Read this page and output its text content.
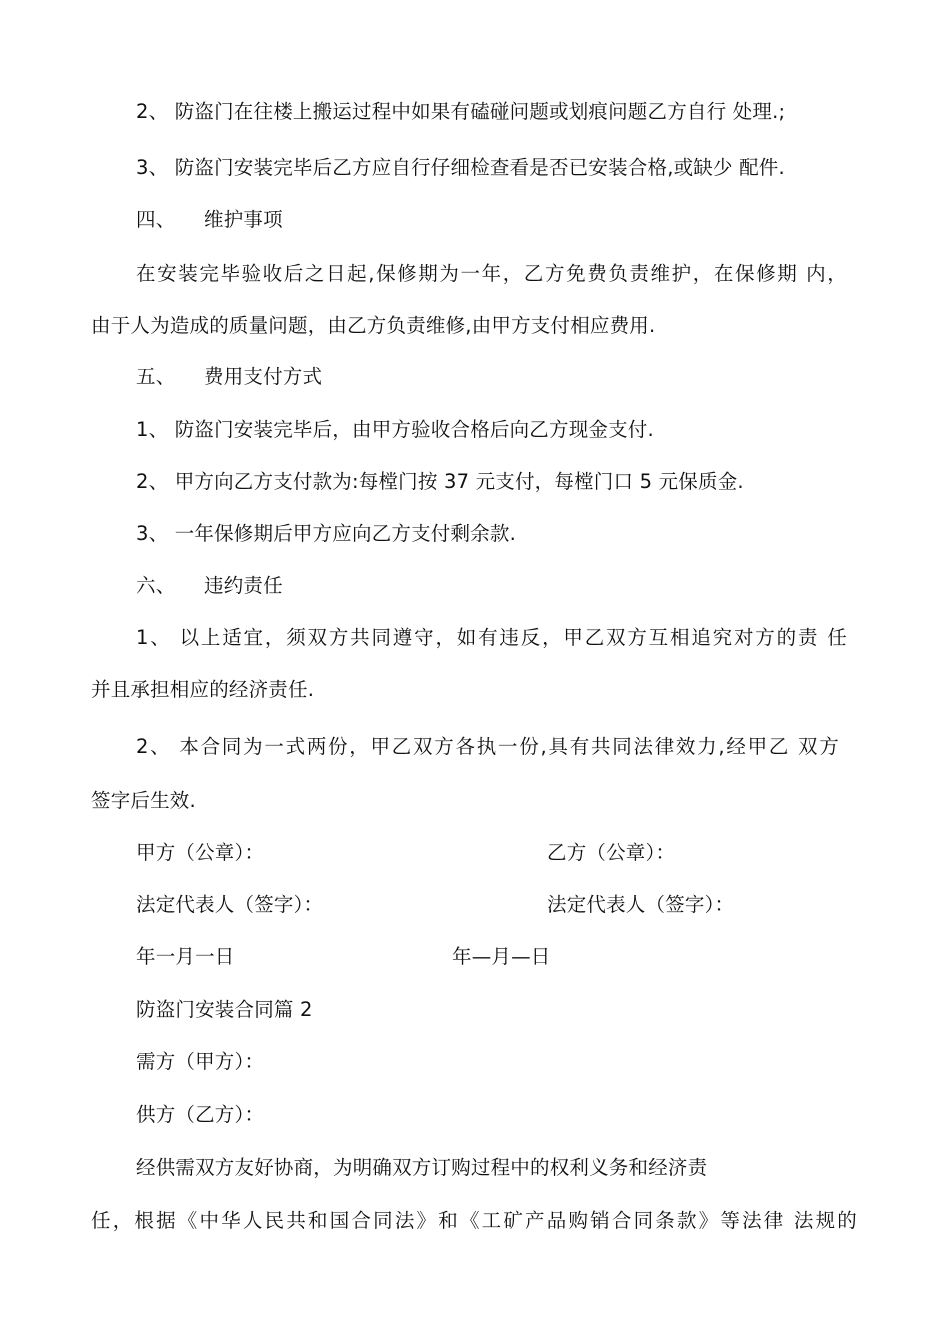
2、 防盗门在往楼上搬运过程中如果有磕碰问题或划痕问题乙方自行 处理.;
3、 防盗门安装完毕后乙方应自行仔细检查看是否已安装合格,或缺少 配件.
四、 维护事项
在安装完毕验收后之日起,保修期为一年，乙方免费负责维护，在保修期 内，
由于人为造成的质量问题，由乙方负责维修,由甲方支付相应费用.
五、 费用支付方式
1、 防盗门安装完毕后，由甲方验收合格后向乙方现金支付.
2、 甲方向乙方支付款为:每樘门按 37 元支付，每樘门口 5 元保质金.
3、 一年保修期后甲方应向乙方支付剩余款.
六、 违约责任
1、 以上适宜，须双方共同遵守，如有违反，甲乙双方互相追究对方的责 任
并且承担相应的经济责任.
2、 本合同为一式两份，甲乙双方各执一份,具有共同法律效力,经甲乙 双方
签字后生效.
甲方（公章）：	乙方（公章）：
法定代表人（签字）：	法定代表人（签字）：
年一月一日	年—月—日
防盗门安装合同篇 2
需方（甲方）：
供方（乙方）：
经供需双方友好协商，为明确双方订购过程中的权利义务和经济责
任，根据《中华人民共和国合同法》和《工矿产品购销合同条款》等法律 法规的
